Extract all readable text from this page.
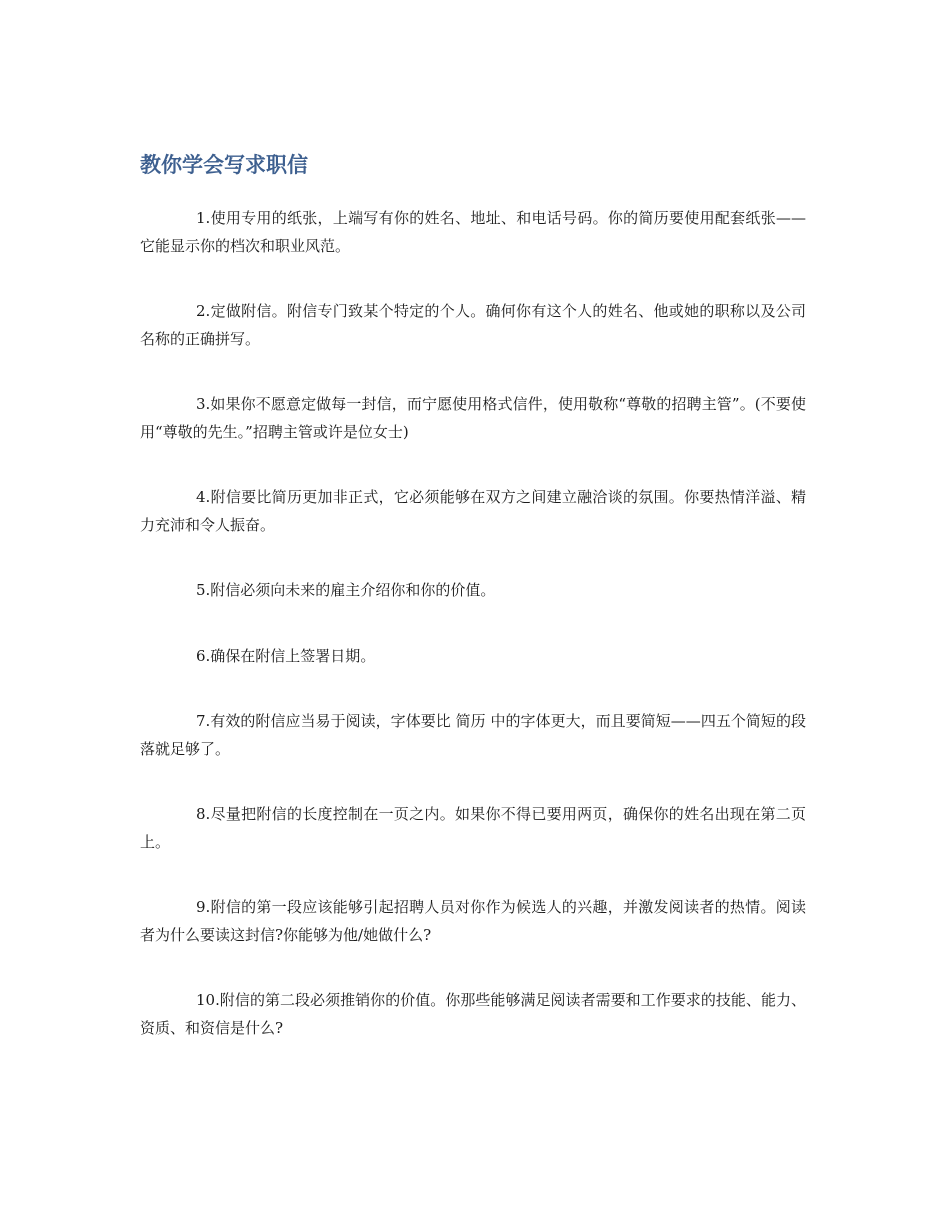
教你学会写求职信

1.使用专用的纸张，上端写有你的姓名、地址、和电话号码。你的简历要使用配套纸张——它能显示你的档次和职业风范。

2.定做附信。附信专门致某个特定的个人。确何你有这个人的姓名、他或她的职称以及公司名称的正确拼写。

3.如果你不愿意定做每一封信，而宁愿使用格式信件，使用敬称“尊敬的招聘主管”。(不要使用“尊敬的先生。”招聘主管或许是位女士)

4.附信要比简历更加非正式，它必须能够在双方之间建立融洽谈的氛围。你要热情洋溢、精力充沛和令人振奋。

5.附信必须向未来的雇主介绍你和你的价值。

6.确保在附信上签署日期。

7.有效的附信应当易于阅读，字体要比 简历 中的字体更大，而且要简短——四五个简短的段落就足够了。

8.尽量把附信的长度控制在一页之内。如果你不得已要用两页，确保你的姓名出现在第二页上。

9.附信的第一段应该能够引起招聘人员对你作为候选人的兴趣，并激发阅读者的热情。阅读者为什么要读这封信?你能够为他/她做什么?

10.附信的第二段必须推销你的价值。你那些能够满足阅读者需要和工作要求的技能、能力、资质、和资信是什么?
